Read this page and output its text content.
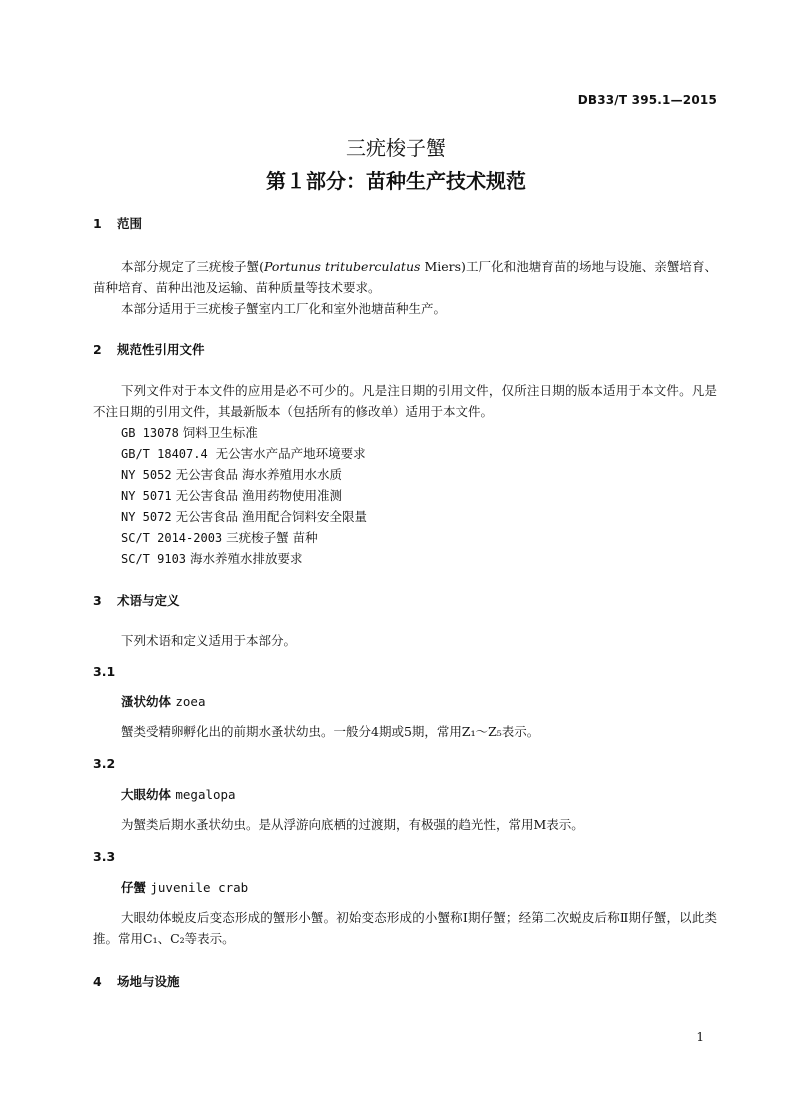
DB33/T 395.1—2015
三疣梭子蟹
第１部分：苗种生产技术规范
1 范围
本部分规定了三疣梭子蟹(Portunus trituberculatus Miers)工厂化和池塘育苗的场地与设施、亲蟹培育、苗种培育、苗种出池及运输、苗种质量等技术要求。
本部分适用于三疣梭子蟹室内工厂化和室外池塘苗种生产。
2 规范性引用文件
下列文件对于本文件的应用是必不可少的。凡是注日期的引用文件，仅所注日期的版本适用于本文件。凡是不注日期的引用文件，其最新版本（包括所有的修改单）适用于本文件。
GB 13078 饲料卫生标准
GB/T 18407.4 无公害水产品产地环境要求
NY 5052 无公害食品 海水养殖用水水质
NY 5071 无公害食品 渔用药物使用准测
NY 5072 无公害食品 渔用配合饲料安全限量
SC/T 2014-2003 三疣梭子蟹 苗种
SC/T 9103 海水养殖水排放要求
3 术语与定义
下列术语和定义适用于本部分。
3.1
溞状幼体 zoea
蟹类受精卵孵化出的前期水蚤状幼虫。一般分4期或5期，常用Z₁～Z₅表示。
3.2
大眼幼体 megalopa
为蟹类后期水蚤状幼虫。是从浮游向底栖的过渡期，有极强的趋光性，常用M表示。
3.3
仔蟹 juvenile crab
大眼幼体蜕皮后变态形成的蟹形小蟹。初始变态形成的小蟹称Ⅰ期仔蟹；经第二次蜕皮后称Ⅱ期仔蟹，以此类推。常用C₁、C₂等表示。
4 场地与设施
1
